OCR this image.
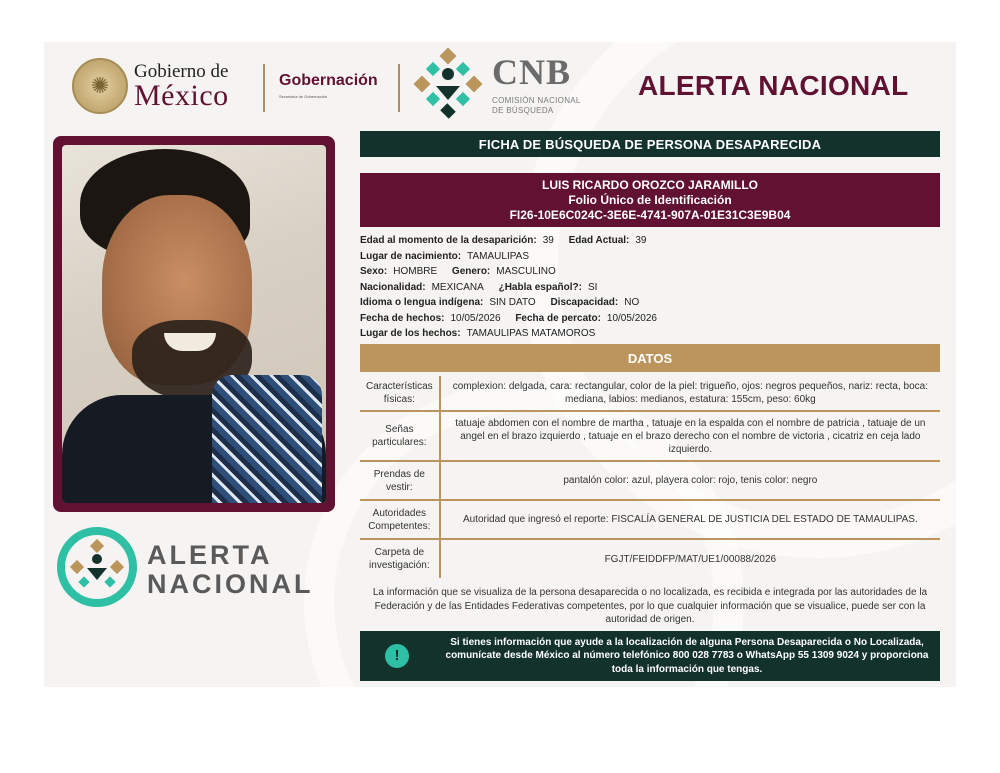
✺
Gobierno de
México	Gobernación
Secretaría de Gobernación
CNB
COMISIÓN NACIONAL
DE BÚSQUEDA
ALERTA NACIONAL
ALERTA
NACIONAL
FICHA DE BÚSQUEDA DE PERSONA DESAPARECIDA
LUIS RICARDO OROZCO JARAMILLO
Folio Único de Identificación
FI26-10E6C024C-3E6E-4741-907A-01E31C3E9B04
Edad al momento de la desaparición: 39 Edad Actual: 39
Lugar de nacimiento: TAMAULIPAS
Sexo: HOMBRE Genero: MASCULINO
Nacionalidad: MEXICANA ¿Habla español?: SI
Idioma o lengua indígena: SIN DATO Discapacidad: NO
Fecha de hechos: 10/05/2026 Fecha de percato: 10/05/2026
Lugar de los hechos: TAMAULIPAS MATAMOROS
DATOS
Características físicas:	complexion: delgada, cara: rectangular, color de la piel: trigueño, ojos: negros pequeños, nariz: recta, boca: mediana, labios: medianos, estatura: 155cm, peso: 60kg
Señas particulares:	tatuaje abdomen con el nombre de martha , tatuaje en la espalda con el nombre de patricia , tatuaje de un angel en el brazo izquierdo , tatuaje en el brazo derecho con el nombre de victoria , cicatriz en ceja lado izquierdo.
Prendas de vestir:	pantalón color: azul, playera color: rojo, tenis color: negro
Autoridades Competentes:	Autoridad que ingresó el reporte: FISCALÍA GENERAL DE JUSTICIA DEL ESTADO DE TAMAULIPAS.
Carpeta de investigación:	FGJT/FEIDDFP/MAT/UE1/00088/2026
La información que se visualiza de la persona desaparecida o no localizada, es recibida e integrada por las autoridades de la Federación y de las Entidades Federativas competentes, por lo que cualquier información que se visualice, puede ser con la autoridad de origen.
!
Si tienes información que ayude a la localización de alguna Persona Desaparecida o No Localizada, comunícate desde México al número telefónico 800 028 7783 o WhatsApp 55 1309 9024 y proporciona toda la información que tengas.
